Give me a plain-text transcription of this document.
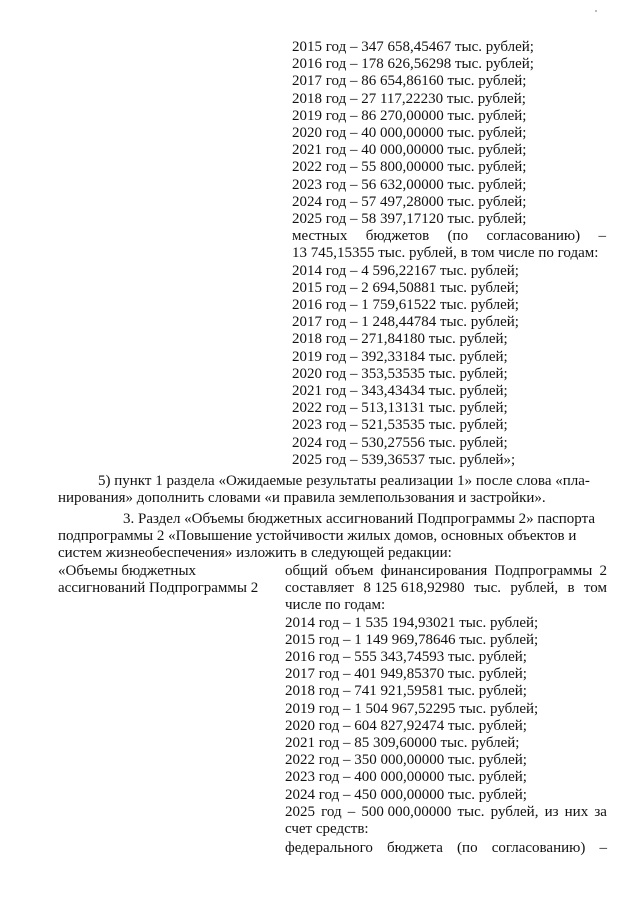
2015 год – 347 658,45467 тыс. рублей;
2016 год – 178 626,56298 тыс. рублей;
2017 год – 86 654,86160 тыс. рублей;
2018 год – 27 117,22230 тыс. рублей;
2019 год – 86 270,00000 тыс. рублей;
2020 год – 40 000,00000 тыс. рублей;
2021 год – 40 000,00000 тыс. рублей;
2022 год – 55 800,00000 тыс. рублей;
2023 год – 56 632,00000 тыс. рублей;
2024 год – 57 497,28000 тыс. рублей;
2025 год – 58 397,17120 тыс. рублей;
местных бюджетов (по согласованию) –
13 745,15355 тыс. рублей, в том числе по годам:
2014 год – 4 596,22167 тыс. рублей;
2015 год – 2 694,50881 тыс. рублей;
2016 год – 1 759,61522 тыс. рублей;
2017 год – 1 248,44784 тыс. рублей;
2018 год – 271,84180 тыс. рублей;
2019 год – 392,33184 тыс. рублей;
2020 год – 353,53535 тыс. рублей;
2021 год – 343,43434 тыс. рублей;
2022 год – 513,13131 тыс. рублей;
2023 год – 521,53535 тыс. рублей;
2024 год – 530,27556 тыс. рублей;
2025 год – 539,36537 тыс. рублей»;
5) пункт 1 раздела «Ожидаемые результаты реализации 1» после слова «пла-
нирования» дополнить словами «и правила землепользования и застройки».
3. Раздел «Объемы бюджетных ассигнований Подпрограммы 2» паспорта
подпрограммы 2 «Повышение устойчивости жилых домов, основных объектов и
систем жизнеобеспечения» изложить в следующей редакции:
«Объемы бюджетных
ассигнований Подпрограммы 2
общий объем финансирования Подпрограммы 2
составляет 8 125 618,92980 тыс. рублей, в том
числе по годам:
2014 год – 1 535 194,93021 тыс. рублей;
2015 год – 1 149 969,78646 тыс. рублей;
2016 год – 555 343,74593 тыс. рублей;
2017 год – 401 949,85370 тыс. рублей;
2018 год – 741 921,59581 тыс. рублей;
2019 год – 1 504 967,52295 тыс. рублей;
2020 год – 604 827,92474 тыс. рублей;
2021 год – 85 309,60000 тыс. рублей;
2022 год – 350 000,00000 тыс. рублей;
2023 год – 400 000,00000 тыс. рублей;
2024 год – 450 000,00000 тыс. рублей;
2025 год – 500 000,00000 тыс. рублей, из них за
счет средств:
федерального бюджета (по согласованию) –
